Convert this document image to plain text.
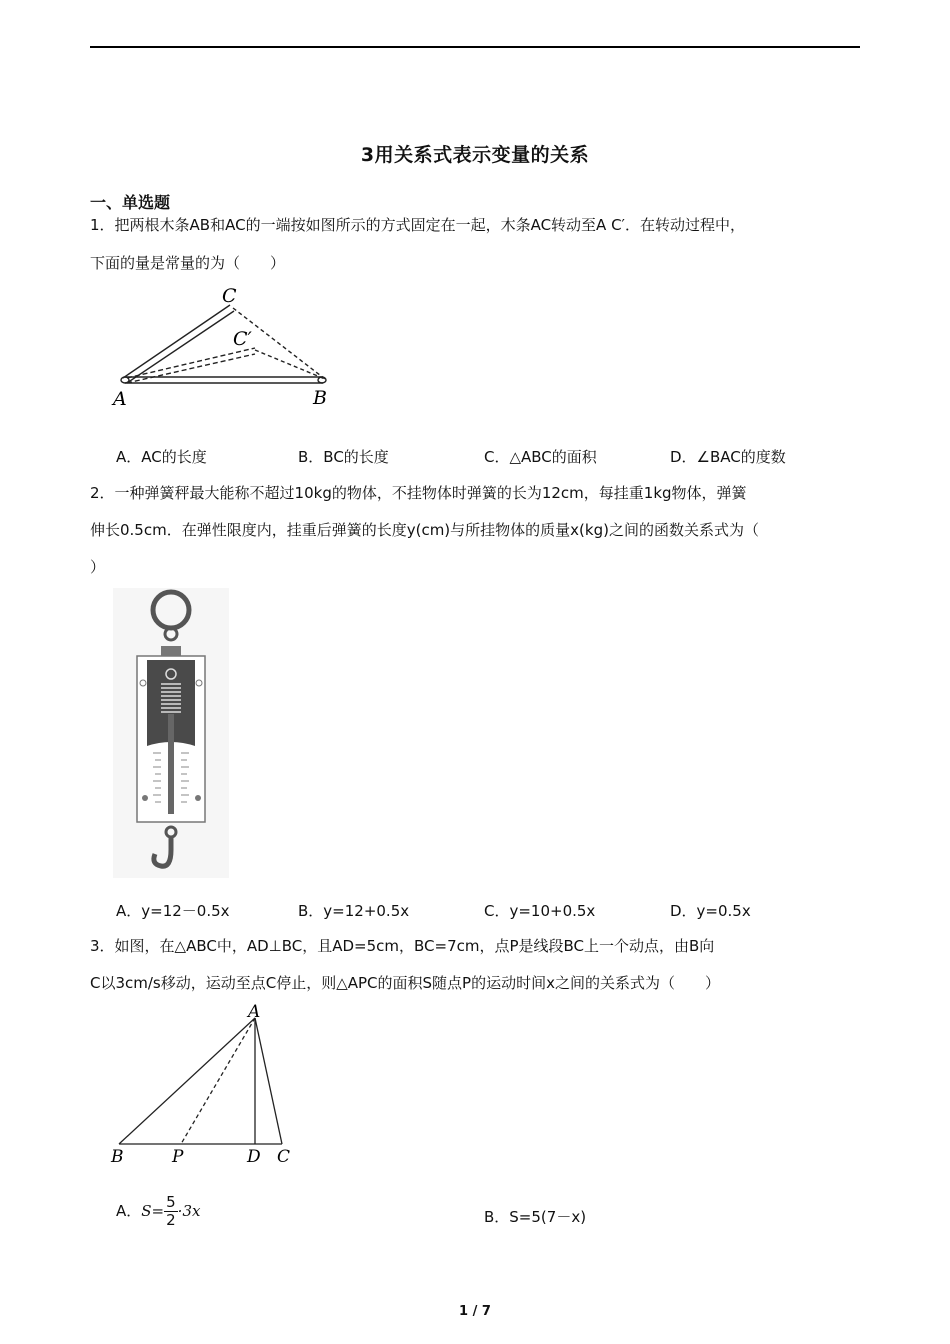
3用关系式表示变量的关系
一、单选题
1．把两根木条AB和AC的一端按如图所示的方式固定在一起，木条AC转动至A C′．在转动过程中，
下面的量是常量的为（　　）
C
C′
A	B
A．AC的长度	B．BC的长度	C．△ABC的面积	D．∠BAC的度数
2．一种弹簧秤最大能称不超过10kg的物体，不挂物体时弹簧的长为12cm，每挂重1kg物体，弹簧
伸长0.5cm．在弹性限度内，挂重后弹簧的长度y(cm)与所挂物体的质量x(kg)之间的函数关系式为（
）
A．y=12－0.5x	B．y=12+0.5x	C．y=10+0.5x	D．y=0.5x
3．如图，在△ABC中，AD⊥BC，且AD=5cm，BC=7cm，点P是线段BC上一个动点，由B向
C以3cm/s移动，运动至点C停止，则△APC的面积S随点P的运动时间x之间的关系式为（　　）
A
B	P	D C
A．$S= \frac{5}{2} \cdot 3x$	B．S=5(7－x)
1 / 7
